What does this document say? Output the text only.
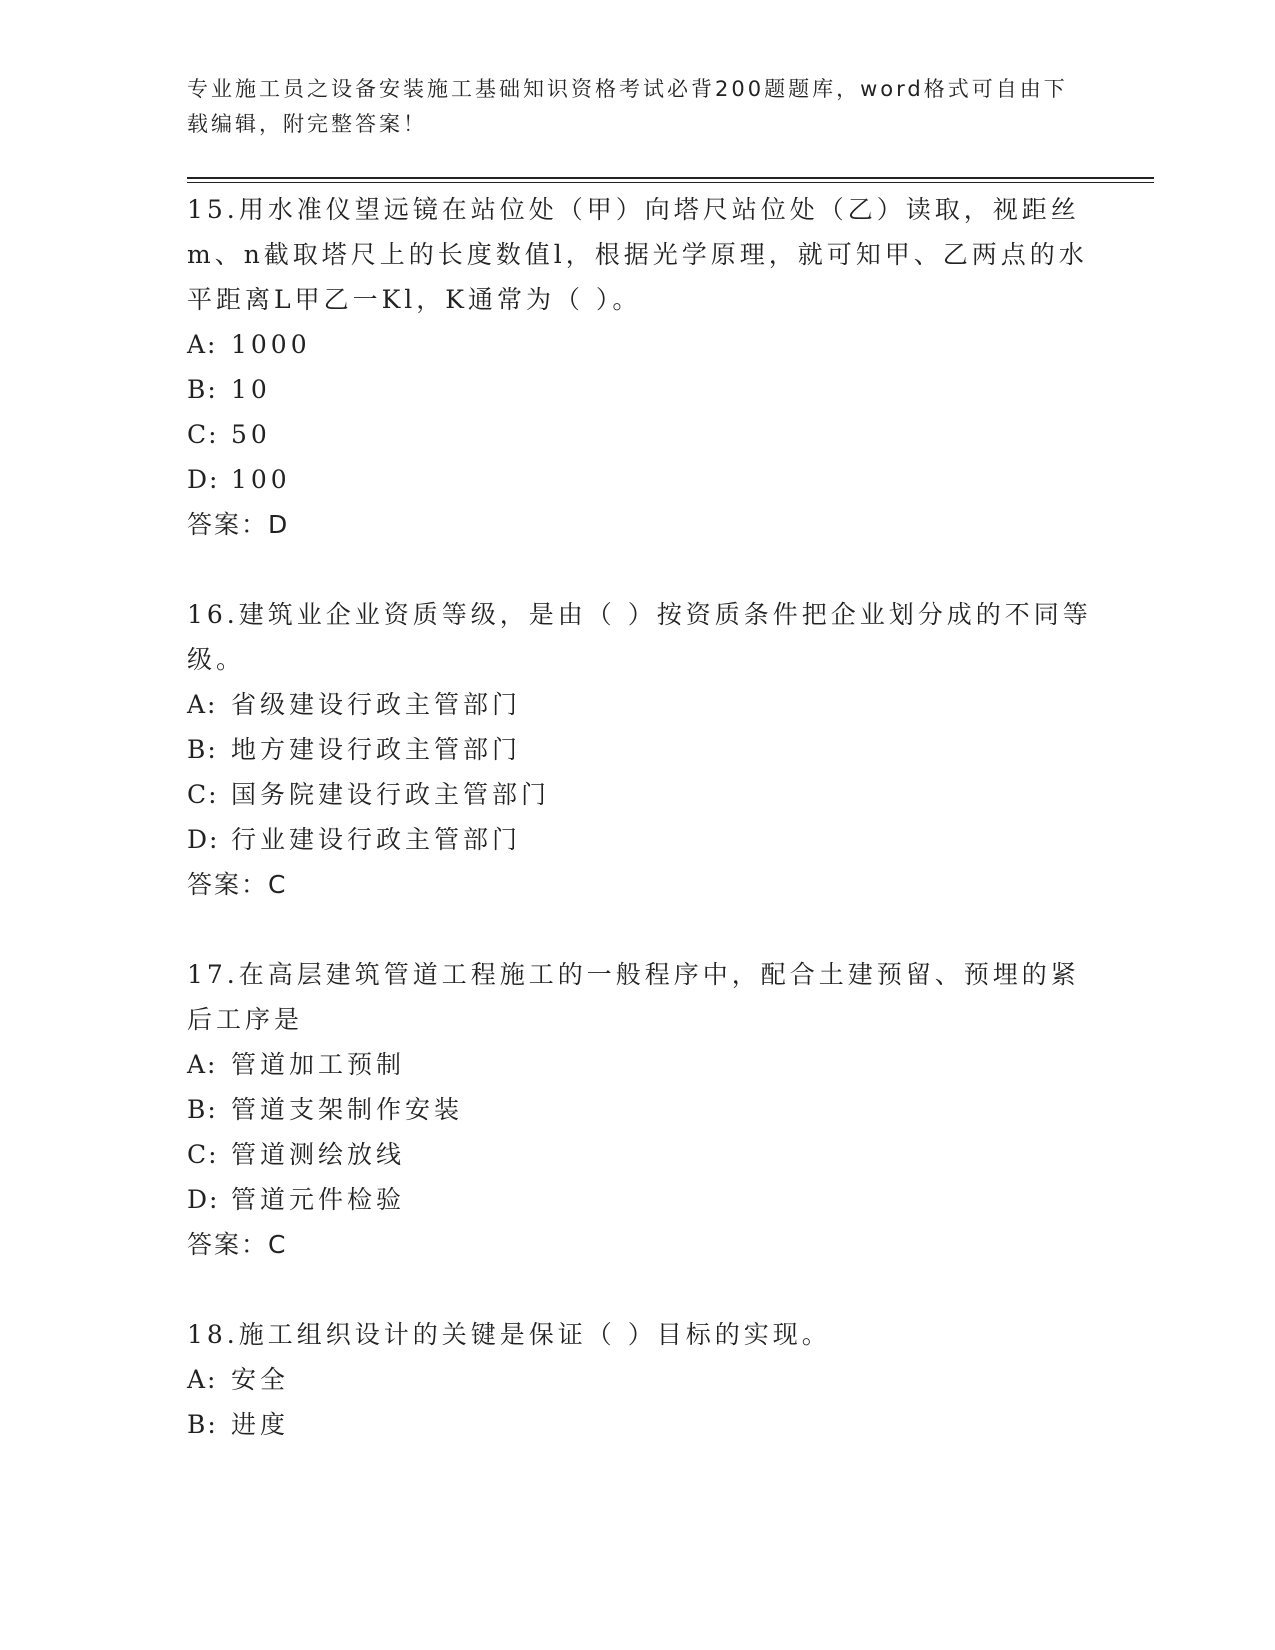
专业施工员之设备安装施工基础知识资格考试必背200题题库，word格式可自由下载编辑，附完整答案！

15.用水准仪望远镜在站位处（甲）向塔尺站位处（乙）读取，视距丝m、n截取塔尺上的长度数值l，根据光学原理，就可知甲、乙两点的水平距离L甲乙一Kl，K通常为（ ）。

A: 1000
B: 10
C: 50
D: 100

答案：D

16.建筑业企业资质等级，是由（ ）按资质条件把企业划分成的不同等级。

A: 省级建设行政主管部门
B: 地方建设行政主管部门
C: 国务院建设行政主管部门
D: 行业建设行政主管部门

答案：C

17.在高层建筑管道工程施工的一般程序中，配合土建预留、预埋的紧后工序是

A: 管道加工预制
B: 管道支架制作安装
C: 管道测绘放线
D: 管道元件检验

答案：C

18.施工组织设计的关键是保证（ ）目标的实现。

A: 安全
B: 进度
